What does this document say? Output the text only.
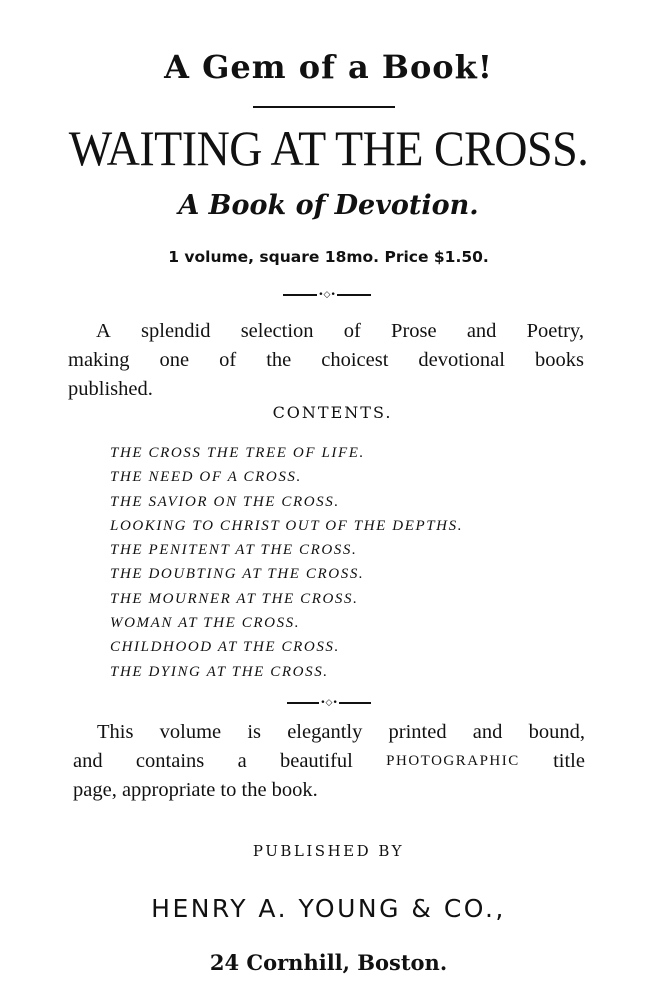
A Gem of a Book!
WAITING AT THE CROSS.
A Book of Devotion.
1 volume, square 18mo. Price $1.50.
•◇•
A splendid selection of Prose and Poetry,
making one of the choicest devotional books
published.
CONTENTS.
THE CROSS THE TREE OF LIFE.
THE NEED OF A CROSS.
THE SAVIOR ON THE CROSS.
LOOKING TO CHRIST OUT OF THE DEPTHS.
THE PENITENT AT THE CROSS.
THE DOUBTING AT THE CROSS.
THE MOURNER AT THE CROSS.
WOMAN AT THE CROSS.
CHILDHOOD AT THE CROSS.
THE DYING AT THE CROSS.
•◇•
This volume is elegantly printed and bound,
and contains a beautiful PHOTOGRAPHIC title
page, appropriate to the book.
PUBLISHED BY
HENRY A. YOUNG & CO.,
24 Cornhill, Boston.
